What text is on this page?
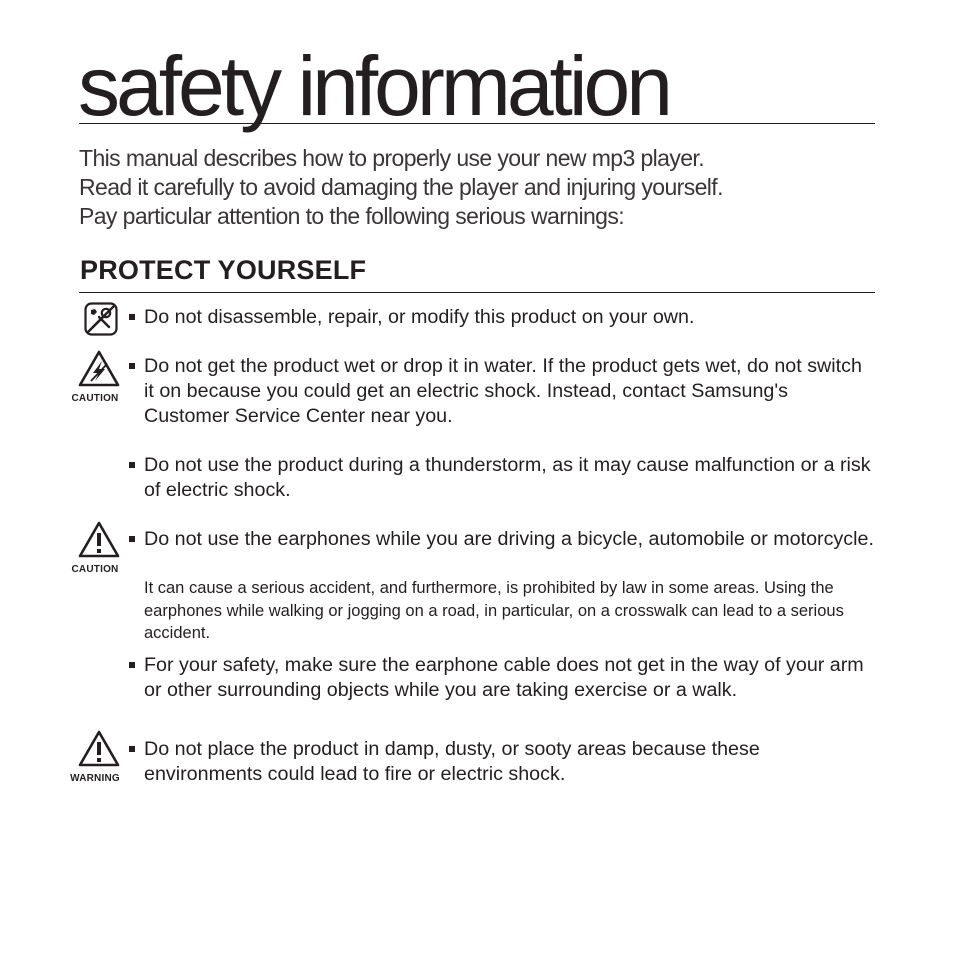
safety information

This manual describes how to properly use your new mp3 player.
Read it carefully to avoid damaging the player and injuring yourself.
Pay particular attention to the following serious warnings:

PROTECT YOURSELF
Do not disassemble, repair, or modify this product on your own.
CAUTION
Do not get the product wet or drop it in water. If the product gets wet, do not switch it on because you could get an electric shock. Instead, contact Samsung's Customer Service Center near you.
Do not use the product during a thunderstorm, as it may cause malfunction or a risk of electric shock.
CAUTION
Do not use the earphones while you are driving a bicycle, automobile or motorcycle.
It can cause a serious accident, and furthermore, is prohibited by law in some areas. Using the earphones while walking or jogging on a road, in particular, on a crosswalk can lead to a serious accident.
For your safety, make sure the earphone cable does not get in the way of your arm or other surrounding objects while you are taking exercise or a walk.
WARNING
Do not place the product in damp, dusty, or sooty areas because these environments could lead to fire or electric shock.
